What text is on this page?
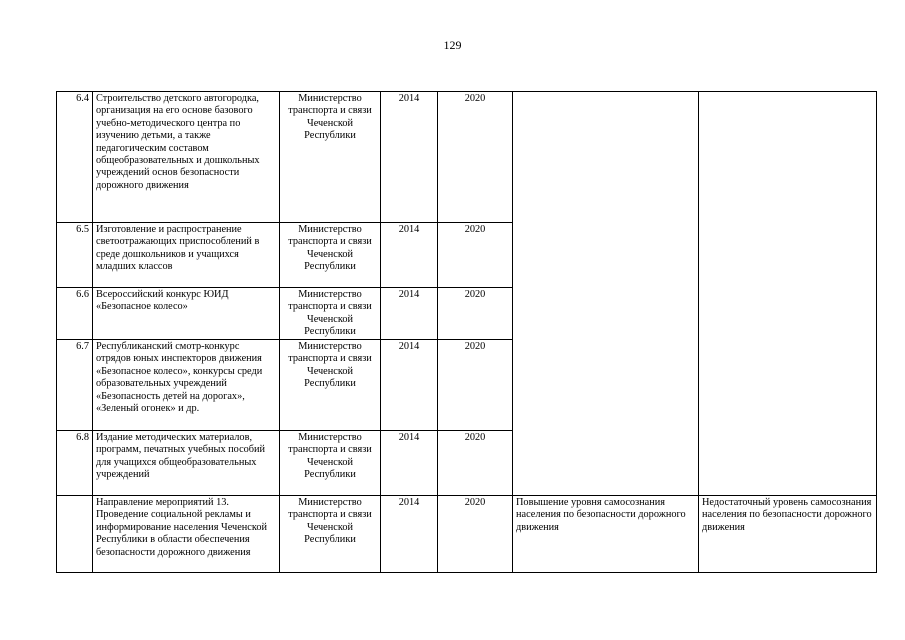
129
6.4	Строительство детского автогородка, организация на его основе базового учебно-методического центра по изучению детьми, а также педагогическим составом общеобразовательных и дошкольных учреждений основ безопасности дорожного движения	Министерство транспорта и связи Чеченской Республики	2014	2020		
6.5	Изготовление и распространение светоотражающих приспособлений в среде дошкольников и учащихся младших классов	Министерство транспорта и связи Чеченской Республики	2014	2020		
6.6	Всероссийский конкурс ЮИД «Безопасное колесо»	Министерство транспорта и связи Чеченской Республики	2014	2020		
6.7	Республиканский смотр-конкурс отрядов юных инспекторов движения «Безопасное колесо», конкурсы среди образовательных учреждений «Безопасность детей на дорогах», «Зеленый огонек» и др.	Министерство транспорта и связи Чеченской Республики	2014	2020		
6.8	Издание методических материалов, программ, печатных учебных пособий для учащихся общеобразовательных учреждений	Министерство транспорта и связи Чеченской Республики	2014	2020		
	Направление мероприятий 13. Проведение социальной рекламы и информирование населения Чеченской Республики в области обеспечения безопасности дорожного движения	Министерство транспорта и связи Чеченской Республики	2014	2020	Повышение уровня самосознания населения по безопасности дорожного движения	Недостаточный уровень самосознания населения по безопасности дорожного движения
